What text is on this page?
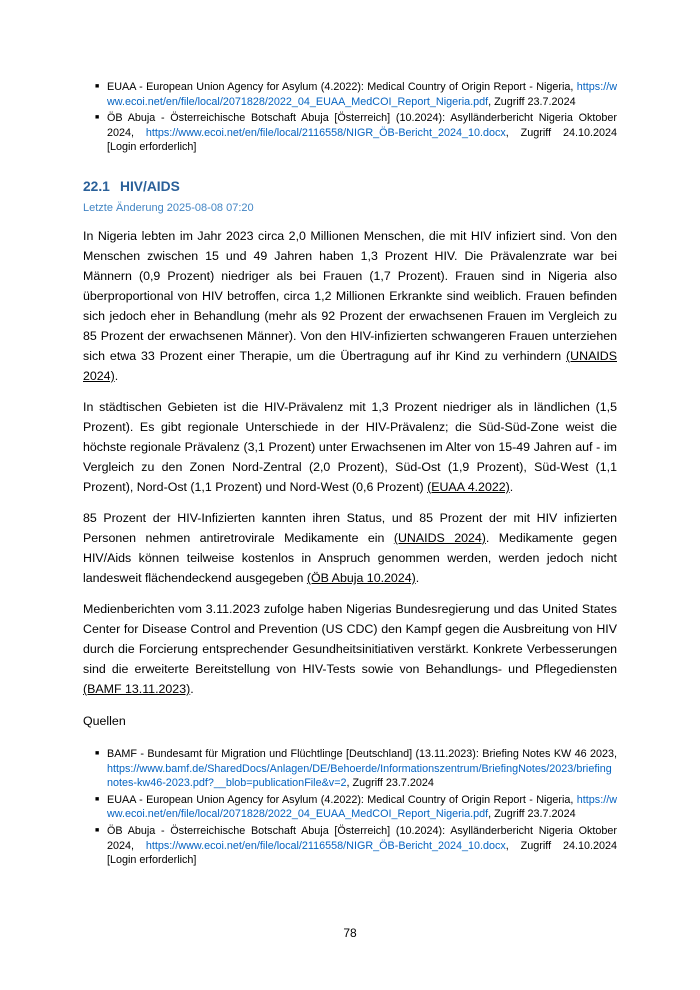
■ EUAA - European Union Agency for Asylum (4.2022): Medical Country of Origin Report - Nigeria, https://www.ecoi.net/en/file/local/2071828/2022_04_EUAA_MedCOI_Report_Nigeria.pdf, Zugriff 23.7.2024
■ ÖB Abuja - Österreichische Botschaft Abuja [Österreich] (10.2024): Asylländerbericht Nigeria Oktober 2024, https://www.ecoi.net/en/file/local/2116558/NIGR_ÖB-Bericht_2024_10.docx, Zugriff 24.10.2024 [Login erforderlich]
22.1 HIV/AIDS
Letzte Änderung 2025-08-08 07:20

In Nigeria lebten im Jahr 2023 circa 2,0 Millionen Menschen, die mit HIV infiziert sind. Von den Menschen zwischen 15 und 49 Jahren haben 1,3 Prozent HIV. Die Prävalenzrate war bei Männern (0,9 Prozent) niedriger als bei Frauen (1,7 Prozent). Frauen sind in Nigeria also überproportional von HIV betroffen, circa 1,2 Millionen Erkrankte sind weiblich. Frauen befinden sich jedoch eher in Behandlung (mehr als 92 Prozent der erwachsenen Frauen im Vergleich zu 85 Prozent der erwachsenen Männer). Von den HIV-infizierten schwangeren Frauen unterziehen sich etwa 33 Prozent einer Therapie, um die Übertragung auf ihr Kind zu verhindern (UNAIDS 2024).

In städtischen Gebieten ist die HIV-Prävalenz mit 1,3 Prozent niedriger als in ländlichen (1,5 Prozent). Es gibt regionale Unterschiede in der HIV-Prävalenz; die Süd-Süd-Zone weist die höchste regionale Prävalenz (3,1 Prozent) unter Erwachsenen im Alter von 15-49 Jahren auf - im Vergleich zu den Zonen Nord-Zentral (2,0 Prozent), Süd-Ost (1,9 Prozent), Süd-West (1,1 Prozent), Nord-Ost (1,1 Prozent) und Nord-West (0,6 Prozent) (EUAA 4.2022).

85 Prozent der HIV-Infizierten kannten ihren Status, und 85 Prozent der mit HIV infizierten Personen nehmen antiretrovirale Medikamente ein (UNAIDS 2024). Medikamente gegen HIV/Aids können teilweise kostenlos in Anspruch genommen werden, werden jedoch nicht landesweit flächendeckend ausgegeben (ÖB Abuja 10.2024).

Medienberichten vom 3.11.2023 zufolge haben Nigerias Bundesregierung und das United States Center for Disease Control and Prevention (US CDC) den Kampf gegen die Ausbreitung von HIV durch die Forcierung entsprechender Gesundheitsinitiativen verstärkt. Konkrete Verbesserungen sind die erweiterte Bereitstellung von HIV-Tests sowie von Behandlungs- und Pflegediensten (BAMF 13.11.2023).

Quellen

■ BAMF - Bundesamt für Migration und Flüchtlinge [Deutschland] (13.11.2023): Briefing Notes KW 46 2023, https://www.bamf.de/SharedDocs/Anlagen/DE/Behoerde/Informationszentrum/BriefingNotes/2023/briefingnotes-kw46-2023.pdf?__blob=publicationFile&v=2, Zugriff 23.7.2024
■ EUAA - European Union Agency for Asylum (4.2022): Medical Country of Origin Report - Nigeria, https://www.ecoi.net/en/file/local/2071828/2022_04_EUAA_MedCOI_Report_Nigeria.pdf, Zugriff 23.7.2024
■ ÖB Abuja - Österreichische Botschaft Abuja [Österreich] (10.2024): Asylländerbericht Nigeria Oktober 2024, https://www.ecoi.net/en/file/local/2116558/NIGR_ÖB-Bericht_2024_10.docx, Zugriff 24.10.2024 [Login erforderlich]
78
